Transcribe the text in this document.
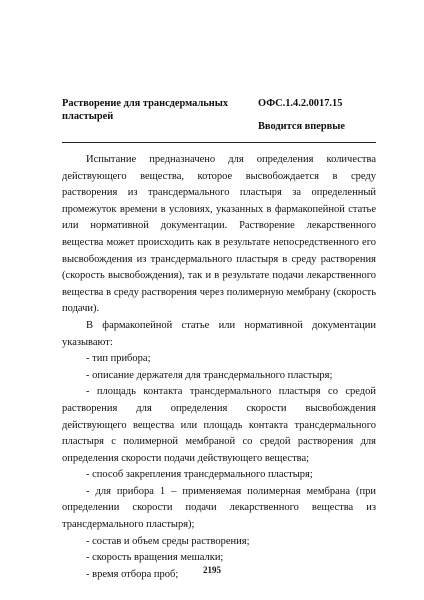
Растворение для трансдермальных пластырей
ОФС.1.4.2.0017.15
Вводится впервые

Испытание предназначено для определения количества действующего вещества, которое высвобождается в среду растворения из трансдермального пластыря за определенный промежуток времени в условиях, указанных в фармакопейной статье или нормативной документации. Растворение лекарственного вещества может происходить как в результате непосредственного его высвобождения из трансдермального пластыря в среду растворения (скорость высвобождения), так и в результате подачи лекарственного вещества в среду растворения через полимерную мембрану (скорость подачи).

В фармакопейной статье или нормативной документации указывают:

- тип прибора;

- описание держателя для трансдермального пластыря;

- площадь контакта трансдермального пластыря со средой растворения для определения скорости высвобождения действующего вещества или площадь контакта трансдермального пластыря с полимерной мембраной со средой растворения для определения скорости подачи действующего вещества;

- способ закрепления трансдермального пластыря;

- для прибора 1 – применяемая полимерная мембрана (при определении скорости подачи лекарственного вещества из трансдермального пластыря);

- состав и объем среды растворения;

- скорость вращения мешалки;

- время отбора проб;	2195
